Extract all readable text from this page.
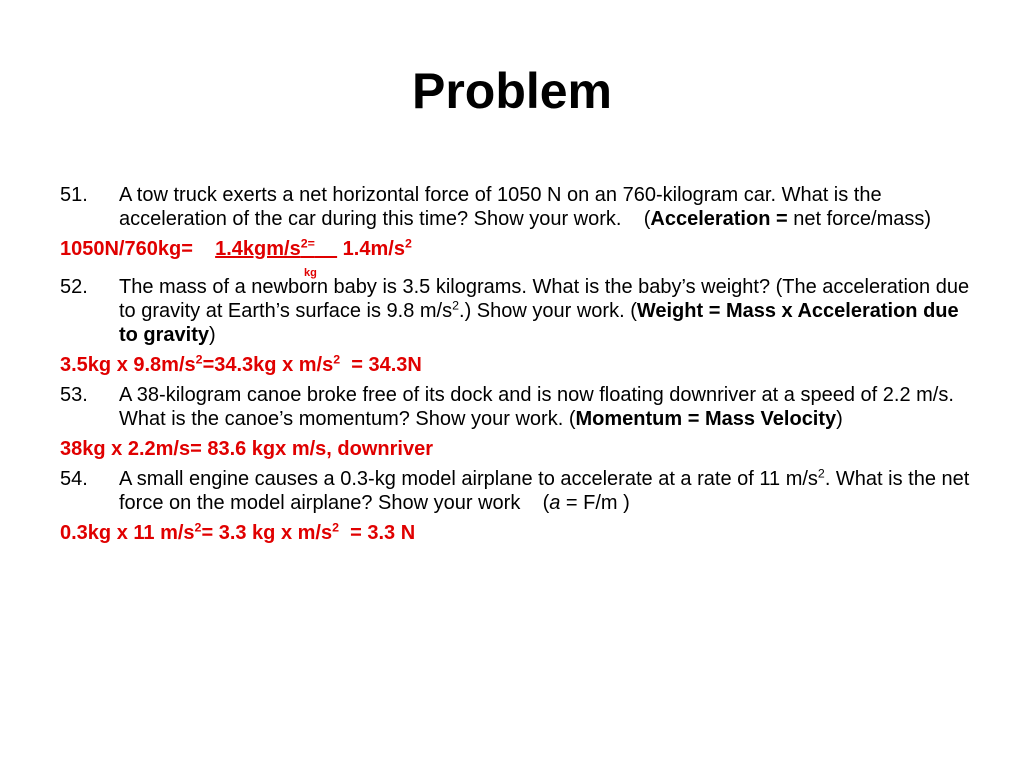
Problem

51. A tow truck exerts a net horizontal force of 1050 N on an 760-kilogram car. What is the acceleration of the car during this time? Show your work. (Acceleration = net force/mass)

$1050N/760kg= 1.4kgm/s^{2=}$ $1.4m/s^2$
kg

52. The mass of a newborn baby is 3.5 kilograms. What is the baby’s weight? (The acceleration due to gravity at Earth’s surface is 9.8 $m/s^2$.) Show your work. (Weight = Mass x Acceleration due to gravity)

3.5kg x $9.8m/s^2=34.3kg$ x $m/s^2 = 34.3N$

53. A 38-kilogram canoe broke free of its dock and is now floating downriver at a speed of 2.2 m/s. What is the canoe’s momentum? Show your work. (Momentum = Mass Velocity)

38kg x 2.2m/s= 83.6 kgx m/s, downriver

54. A small engine causes a 0.3-kg model airplane to accelerate at a rate of 11 $m/s^2$. What is the net force on the model airplane? Show your work (a = F/m )

0.3kg x 11 $m/s^2= 3.3$ kg x $m/s^2 = 3.3$ N
